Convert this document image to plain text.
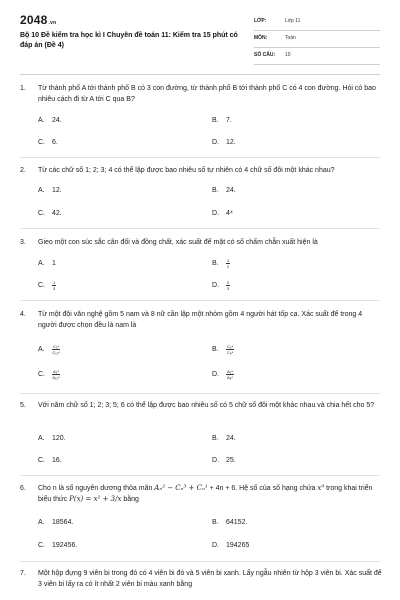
2048.vn
Bộ 10 Đề kiểm tra học kì I Chuyên đề toán 11: Kiểm tra 15 phút có đáp án (Đề 4)
LỚP:	Lớp 11
MÔN:	Toán
SỐ CÂU: 10
1.	Từ thành phố A tới thành phố B có 3 con đường, từ thành phố B tới thành phố C có 4 con đường. Hỏi có bao nhiêu cách đi từ A tới C qua B?
A. 24.	B. 7.
C. 6.	D. 12.
2.	Từ các chữ số 1; 2; 3; 4 có thể lập được bao nhiêu số tự nhiên có 4 chữ số đôi một khác nhau?
A. 12.	B. 24.
C. 42.	D. 4⁴
3.	Gieo một con súc sắc cân đối và đồng chất, xác suất để mặt có số chấm chẵn xuất hiện là
A. 1	B. $\frac{1}{2}$
C. $\frac{1}{3}$	D. $\frac{2}{3}$
4.	Từ một đội văn nghệ gồm 5 nam và 8 nữ cần lập một nhóm gồm 4 người hát tốp ca. Xác suất để trong 4 người được chọn đều là nam là
A. $\frac{\text{C₅⁴}}{\text{C₁₃⁴}}$	B. $\frac{\text{C₅⁴}}{\text{C₈⁴}}$
C. $\frac{\text{A₅⁴}}{\text{A₁₃⁴}}$	D. $\frac{\text{A₅⁴}}{\text{A₈⁴}}$
5.	Với năm chữ số 1; 2; 3; 5; 6 có thể lập được bao nhiêu số có 5 chữ số đôi một khác nhau và chia hết cho 5?
A. 120.	B. 24.
C. 16.	D. 25.
6.	Cho n là số nguyên dương thỏa mãn Aₙ² − Cₙ³ + Cₙ¹ + 4n + 6. Hệ số của số hạng chứa x⁹ trong khai triển biểu thức P(x) = x² + 3/x bằng
A. 18564.	B. 64152.
C. 192456.	D. 194265
7.	Một hộp đựng 9 viên bi trong đó có 4 viên bi đỏ và 5 viên bi xanh. Lấy ngẫu nhiên từ hộp 3 viên bi. Xác suất để 3 viên bi lấy ra có ít nhất 2 viên bi màu xanh bằng
